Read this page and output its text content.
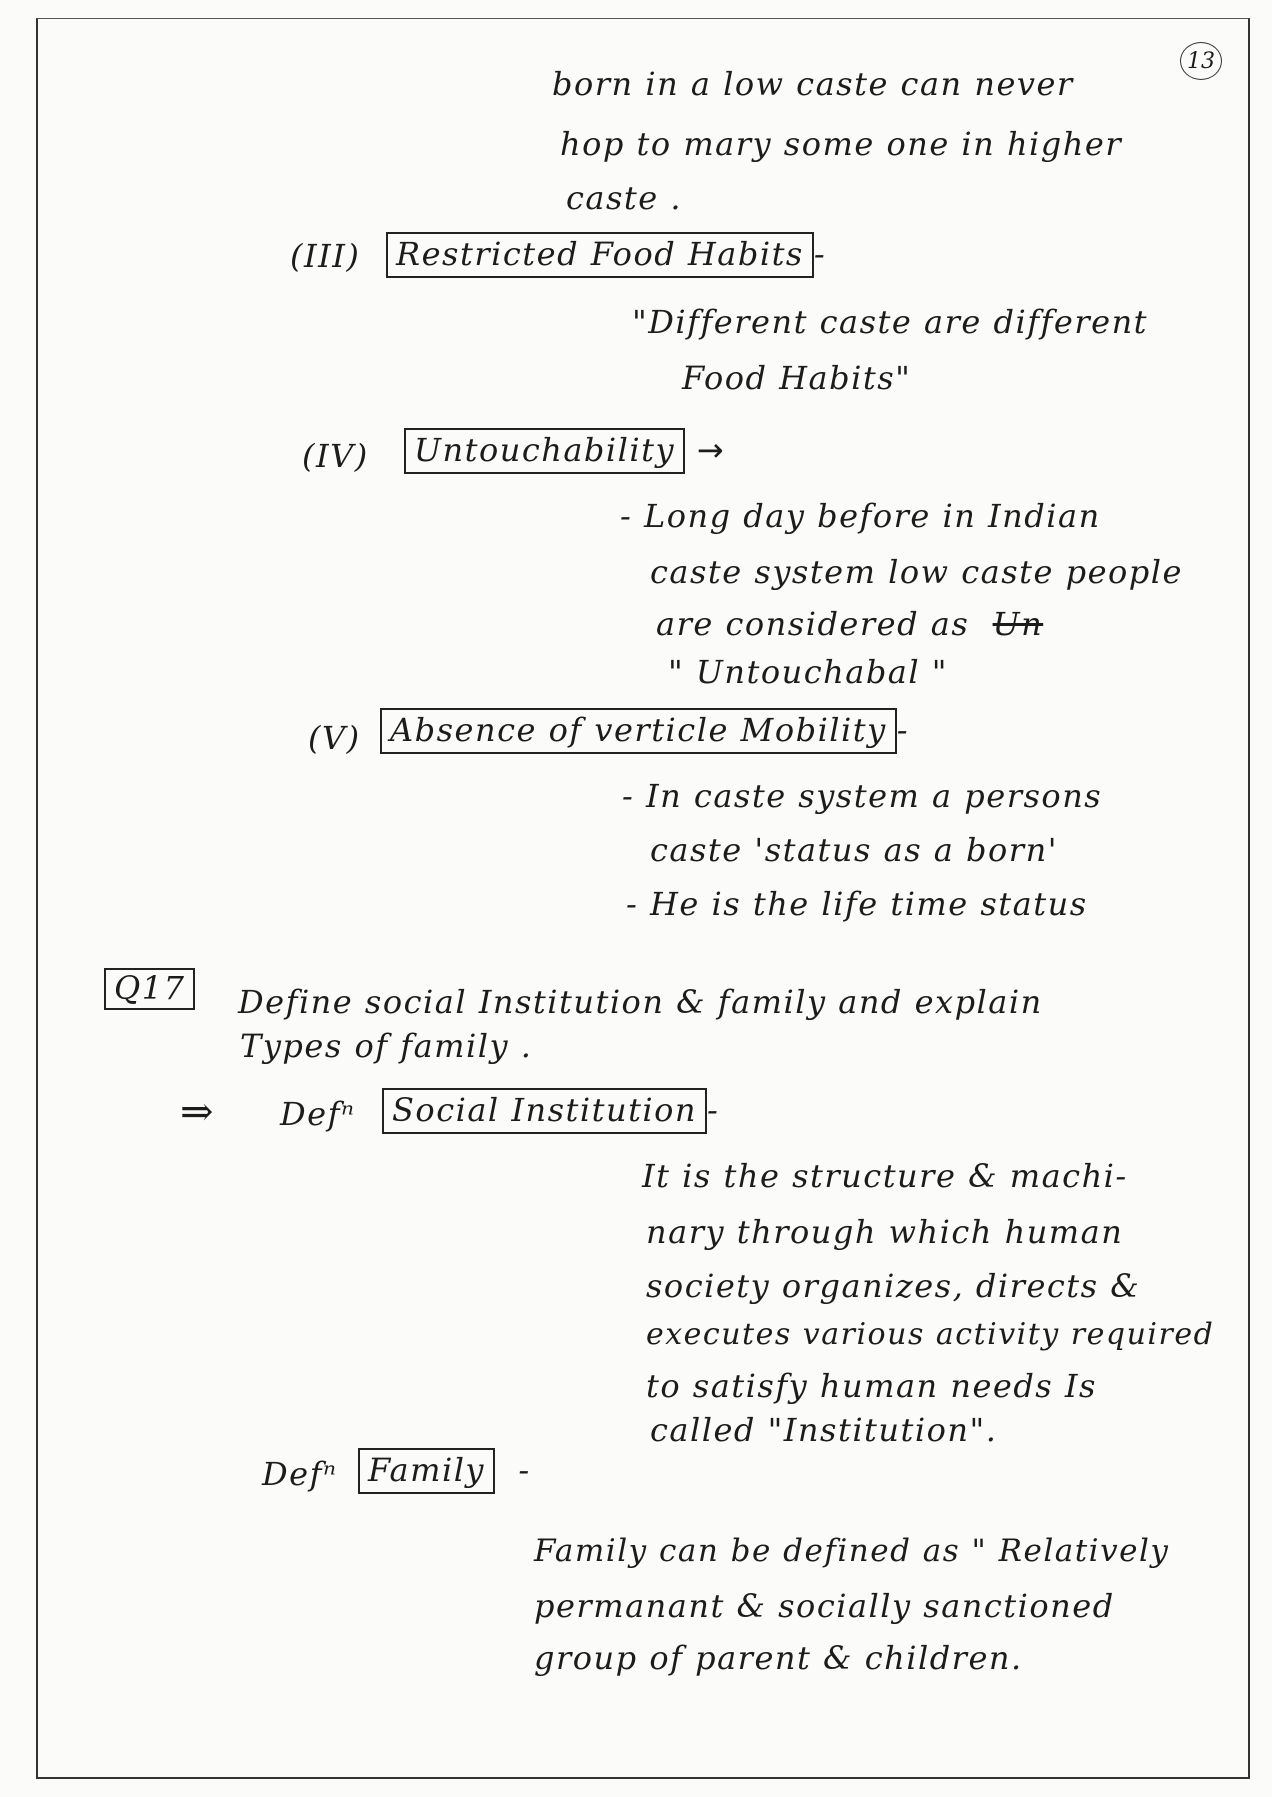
13
born in a low caste can never
hop to mary some one in higher
caste .
(III)	Restricted Food Habits -
"Different caste are different
Food Habits"
(IV)	Untouchability →
- Long day before in Indian
caste system low caste people
are considered as Un
" Untouchabal "
(V) Absence of verticle Mobility -
- In caste system a persons
caste 'status as a born'
- He is the life time status
Q17	Define social Institution & family and explain
Types of family .
⇒ Defⁿ	Social Institution -
It is the structure & machi-
nary through which human
society organizes, directs &
executes various activity required
to satisfy human needs Is
called "Institution".
Defⁿ Family -
Family can be defined as " Relatively
permanant & socially sanctioned
group of parent & children.
